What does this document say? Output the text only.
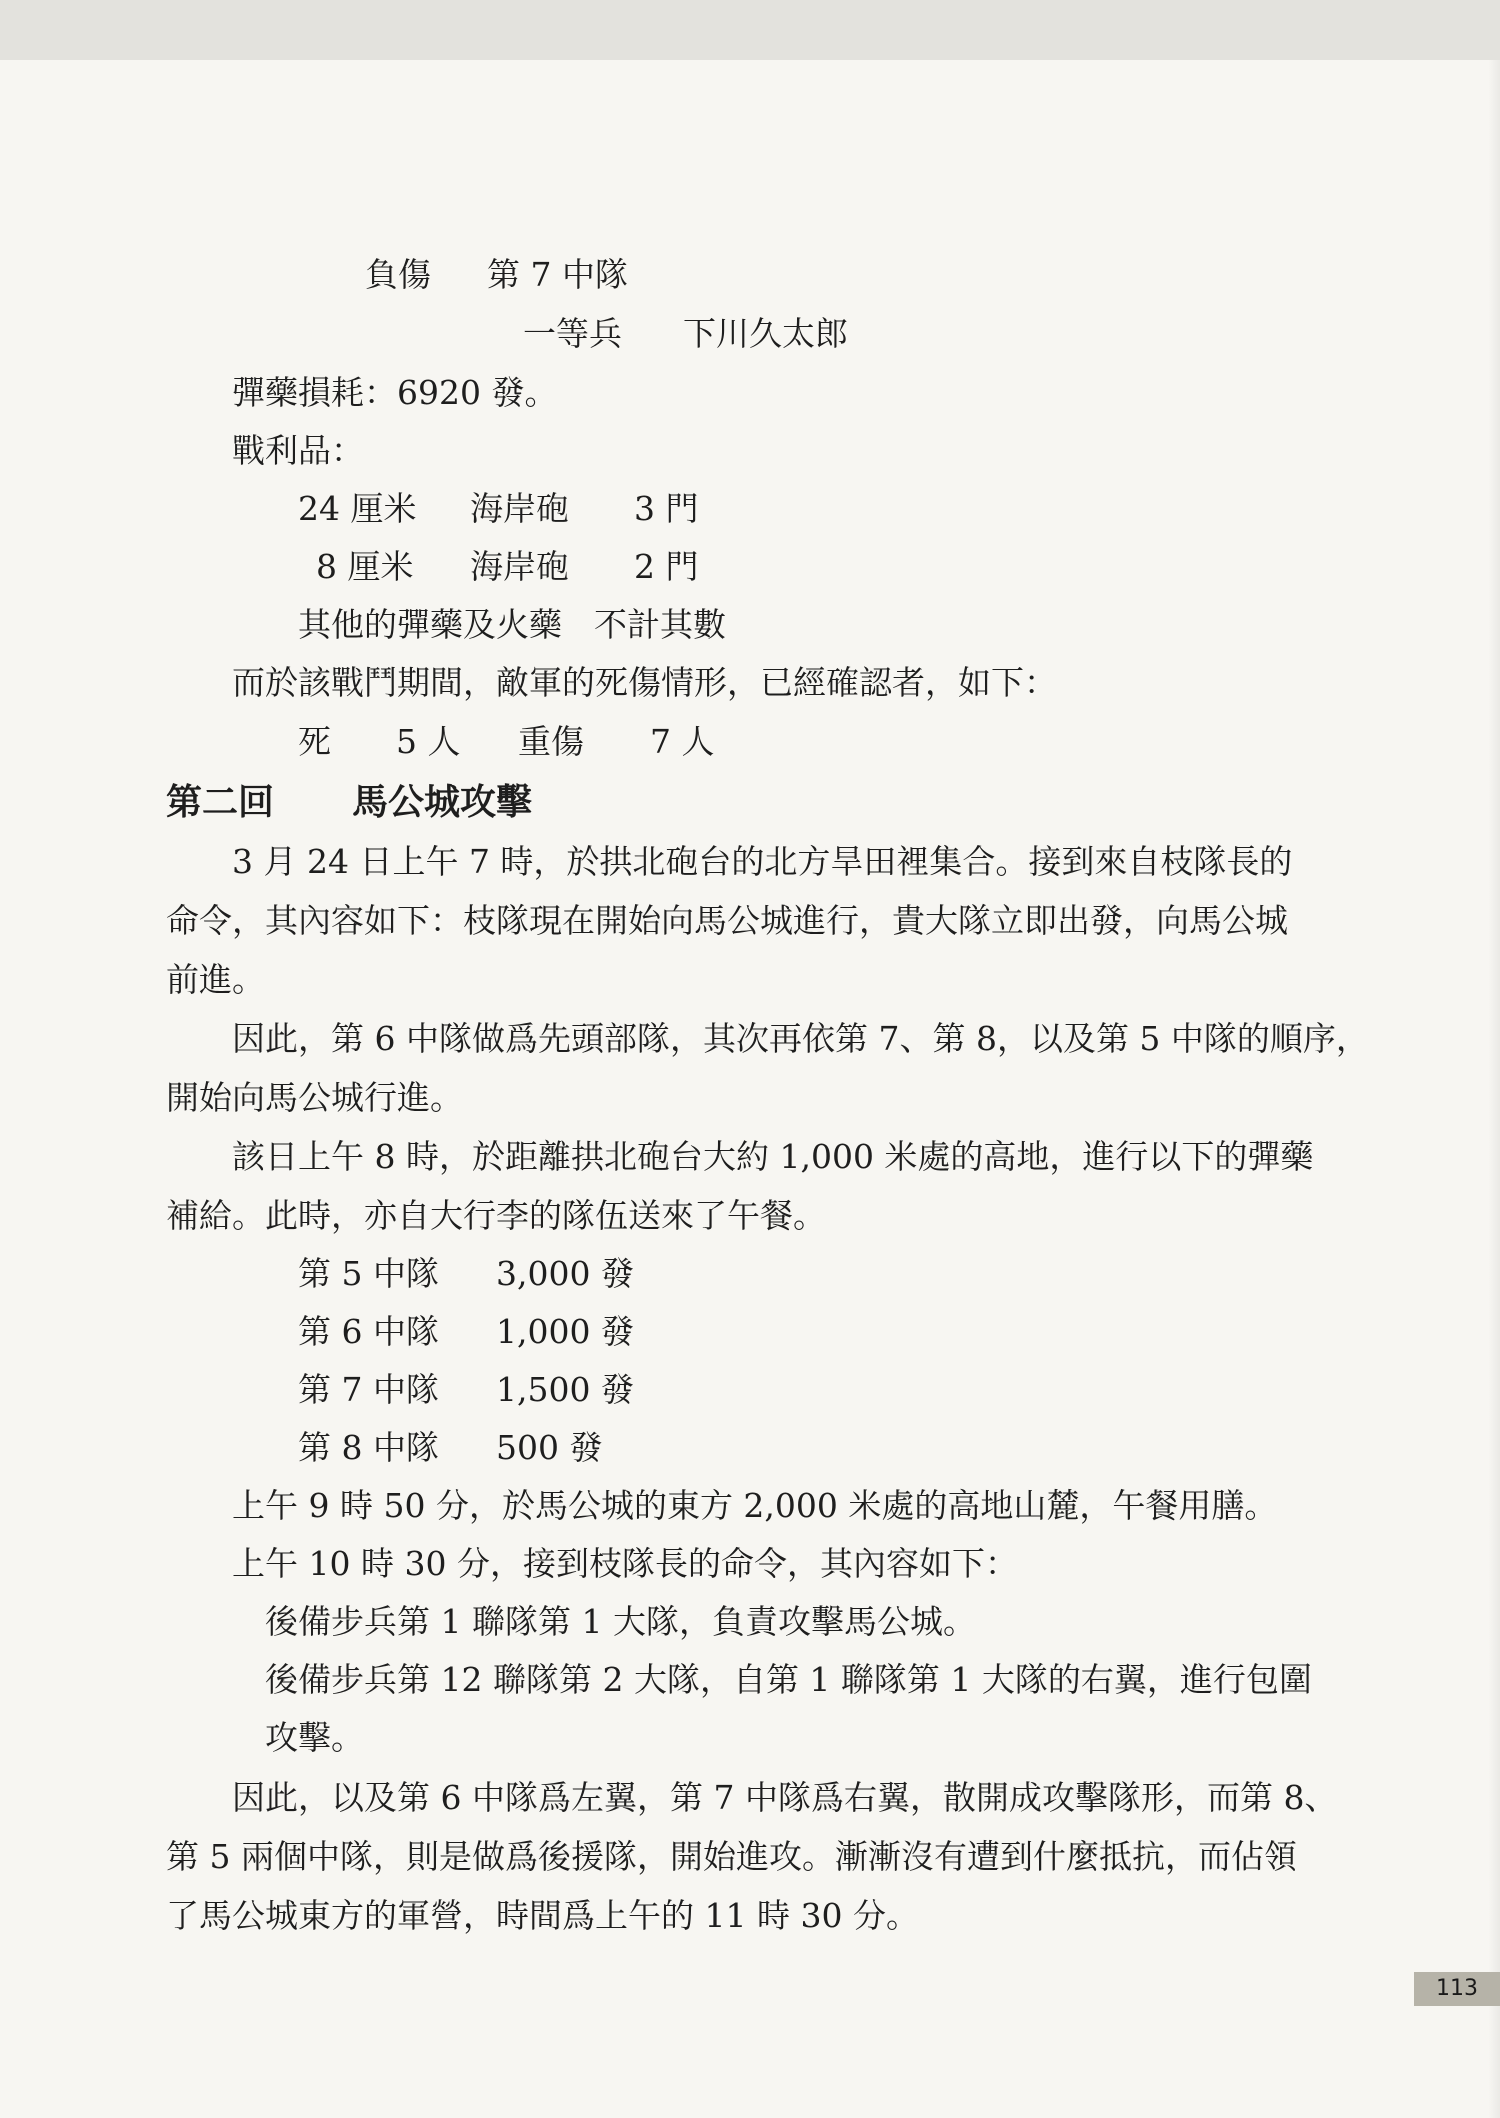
負傷 第 7 中隊
一等兵 下川久太郎
彈藥損耗：6920 發。
戰利品：
24 厘米 海岸砲 3 門
8 厘米 海岸砲 2 門
其他的彈藥及火藥 不計其數
而於該戰鬥期間，敵軍的死傷情形，已經確認者，如下：
死 5 人 重傷 7 人
第二回 馬公城攻擊
3 月 24 日上午 7 時，於拱北砲台的北方旱田裡集合。接到來自枝隊長的
命令，其內容如下：枝隊現在開始向馬公城進行，貴大隊立即出發，向馬公城
前進。
因此，第 6 中隊做爲先頭部隊，其次再依第 7、第 8，以及第 5 中隊的順序，
開始向馬公城行進。
該日上午 8 時，於距離拱北砲台大約 1,000 米處的高地，進行以下的彈藥
補給。此時，亦自大行李的隊伍送來了午餐。
第 5 中隊 3,000 發
第 6 中隊 1,000 發
第 7 中隊 1,500 發
第 8 中隊 500 發
上午 9 時 50 分，於馬公城的東方 2,000 米處的高地山麓，午餐用膳。
上午 10 時 30 分，接到枝隊長的命令，其內容如下：
後備步兵第 1 聯隊第 1 大隊，負責攻擊馬公城。
後備步兵第 12 聯隊第 2 大隊，自第 1 聯隊第 1 大隊的右翼，進行包圍
攻擊。
因此，以及第 6 中隊爲左翼，第 7 中隊爲右翼，散開成攻擊隊形，而第 8、
第 5 兩個中隊，則是做爲後援隊，開始進攻。漸漸沒有遭到什麼抵抗，而佔領
了馬公城東方的軍營，時間爲上午的 11 時 30 分。
113
